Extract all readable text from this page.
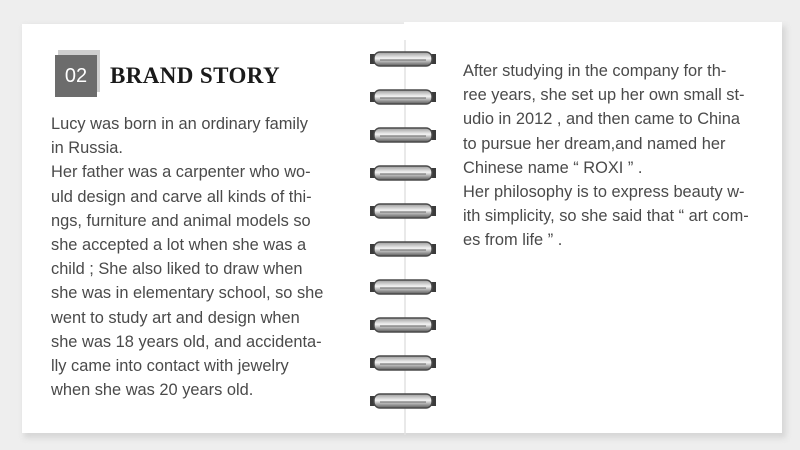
02 BRAND STORY
Lucy was born in an ordinary family
in Russia.
Her father was a carpenter who wo-
uld design and carve all kinds of thi-
ngs, furniture and animal models so
she accepted a lot when she was a
child ; She also liked to draw when
she was in elementary school, so she
went to study art and design when
she was 18 years old, and accidenta-
lly came into contact with jewelry
when she was 20 years old.
After studying in the company for th-
ree years, she set up her own small st-
udio in 2012 , and then came to China
to pursue her dream,and named her
Chinese name “ ROXI ” .
Her philosophy is to express beauty w-
ith simplicity, so she said that “ art com-
es from life ” .
